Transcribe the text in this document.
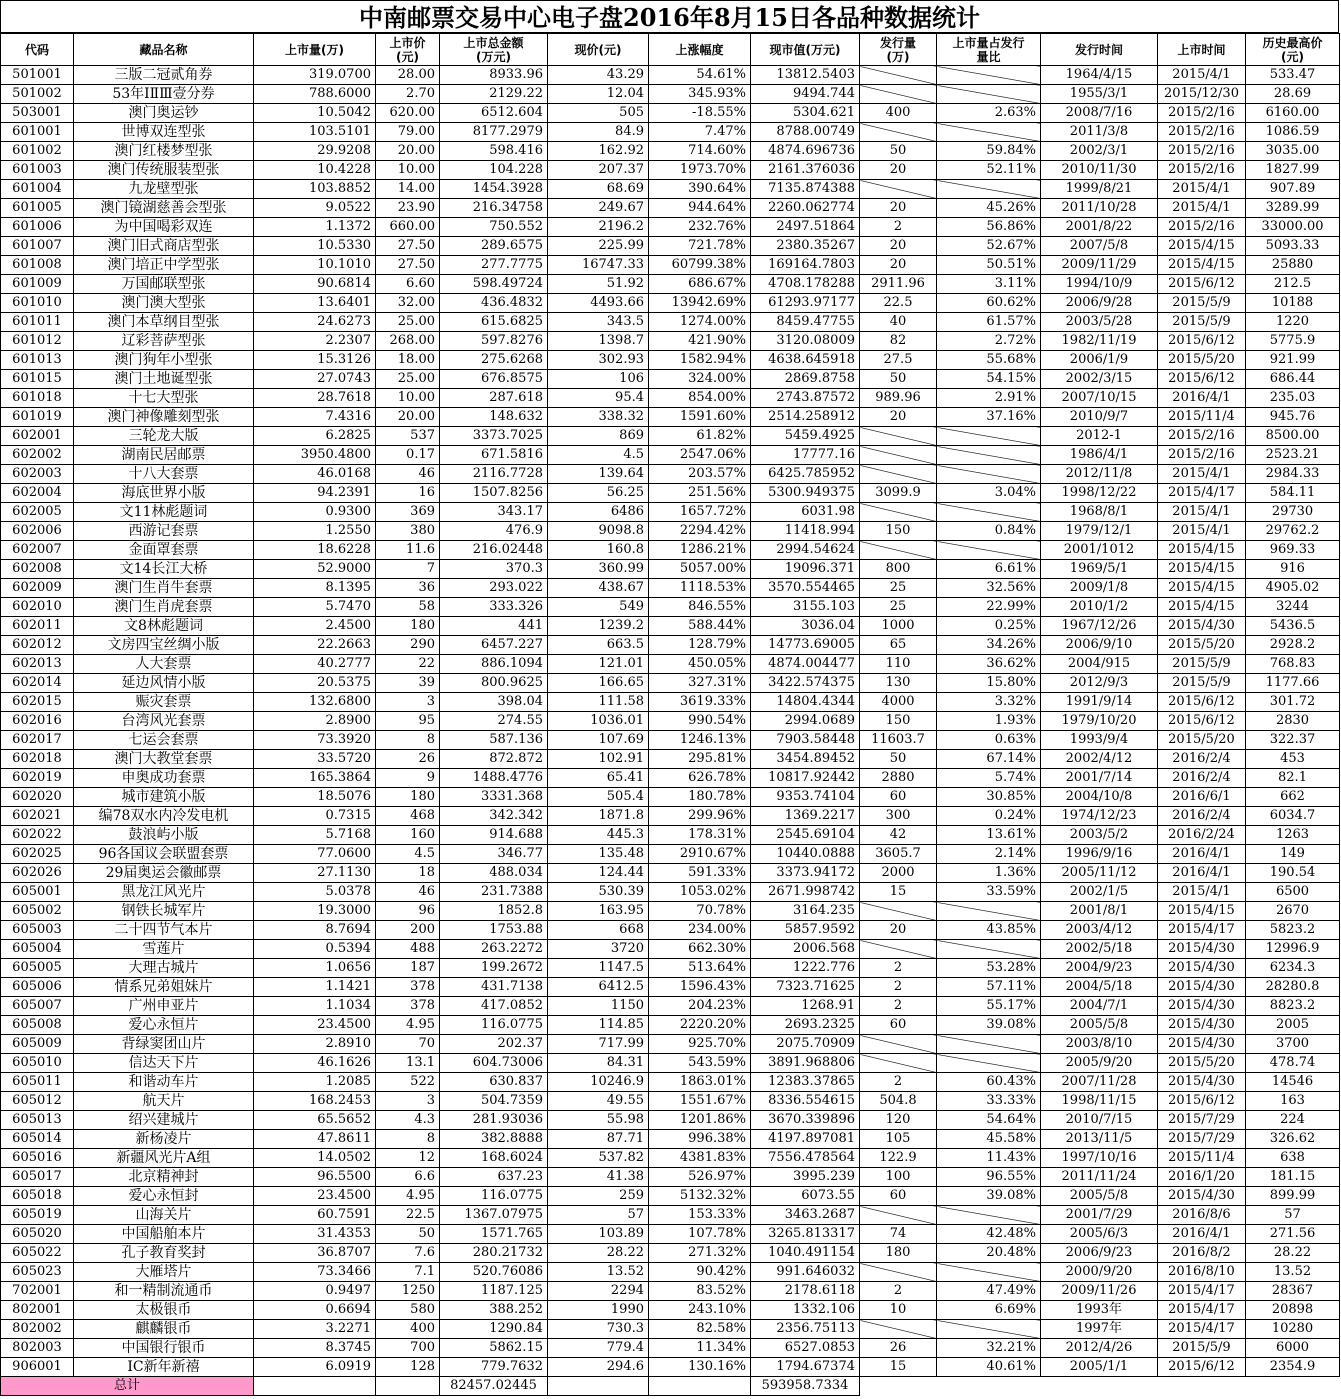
中南邮票交易中心电子盘2016年8月15日各品种数据统计
代码	藏品名称	上市量(万)	上市价
(元)	上市总金额
(万元)	现价(元)	上涨幅度	现市值(万元)	发行量
(万)	上市量占发行
量比	发行时间	上市时间	历史最高价
(元)
501001	三版二冠贰角券	319.0700	28.00	8933.96	43.29	54.61%	13812.5403			1964/4/15	2015/4/1	533.47
501002	53年ⅠⅡⅢ壹分券	788.6000	2.70	2129.22	12.04	345.93%	9494.744			1955/3/1	2015/12/30	28.69
503001	澳门奥运钞	10.5042	620.00	6512.604	505	-18.55%	5304.621	400	2.63%	2008/7/16	2015/2/16	6160.00
601001	世博双连型张	103.5101	79.00	8177.2979	84.9	7.47%	8788.00749			2011/3/8	2015/2/16	1086.59
601002	澳门红楼梦型张	29.9208	20.00	598.416	162.92	714.60%	4874.696736	50	59.84%	2002/3/1	2015/2/16	3035.00
601003	澳门传统服装型张	10.4228	10.00	104.228	207.37	1973.70%	2161.376036	20	52.11%	2010/11/30	2015/2/16	1827.99
601004	九龙壁型张	103.8852	14.00	1454.3928	68.69	390.64%	7135.874388			1999/8/21	2015/4/1	907.89
601005	澳门镜湖慈善会型张	9.0522	23.90	216.34758	249.67	944.64%	2260.062774	20	45.26%	2011/10/28	2015/4/1	3289.99
601006	为中国喝彩双连	1.1372	660.00	750.552	2196.2	232.76%	2497.51864	2	56.86%	2001/8/22	2015/2/16	33000.00
601007	澳门旧式商店型张	10.5330	27.50	289.6575	225.99	721.78%	2380.35267	20	52.67%	2007/5/8	2015/4/15	5093.33
601008	澳门培正中学型张	10.1010	27.50	277.7775	16747.33	60799.38%	169164.7803	20	50.51%	2009/11/29	2015/4/15	25880
601009	万国邮联型张	90.6814	6.60	598.49724	51.92	686.67%	4708.178288	2911.96	3.11%	1994/10/9	2015/6/12	212.5
601010	澳门澳大型张	13.6401	32.00	436.4832	4493.66	13942.69%	61293.97177	22.5	60.62%	2006/9/28	2015/5/9	10188
601011	澳门本草纲目型张	24.6273	25.00	615.6825	343.5	1274.00%	8459.47755	40	61.57%	2003/5/28	2015/5/9	1220
601012	辽彩菩萨型张	2.2307	268.00	597.8276	1398.7	421.90%	3120.08009	82	2.72%	1982/11/19	2015/6/12	5775.9
601013	澳门狗年小型张	15.3126	18.00	275.6268	302.93	1582.94%	4638.645918	27.5	55.68%	2006/1/9	2015/5/20	921.99
601015	澳门土地诞型张	27.0743	25.00	676.8575	106	324.00%	2869.8758	50	54.15%	2002/3/15	2015/6/12	686.44
601018	十七大型张	28.7618	10.00	287.618	95.4	854.00%	2743.87572	989.96	2.91%	2007/10/15	2016/4/1	235.03
601019	澳门神像雕刻型张	7.4316	20.00	148.632	338.32	1591.60%	2514.258912	20	37.16%	2010/9/7	2015/11/4	945.76
602001	三轮龙大版	6.2825	537	3373.7025	869	61.82%	5459.4925			2012-1	2015/2/16	8500.00
602002	湖南民居邮票	3950.4800	0.17	671.5816	4.5	2547.06%	17777.16			1986/4/1	2015/2/16	2523.21
602003	十八大套票	46.0168	46	2116.7728	139.64	203.57%	6425.785952			2012/11/8	2015/4/1	2984.33
602004	海底世界小版	94.2391	16	1507.8256	56.25	251.56%	5300.949375	3099.9	3.04%	1998/12/22	2015/4/17	584.11
602005	文11林彪题词	0.9300	369	343.17	6486	1657.72%	6031.98			1968/8/1	2015/4/1	29730
602006	西游记套票	1.2550	380	476.9	9098.8	2294.42%	11418.994	150	0.84%	1979/12/1	2015/4/1	29762.2
602007	金面罩套票	18.6228	11.6	216.02448	160.8	1286.21%	2994.54624			2001/1012	2015/4/15	969.33
602008	文14长江大桥	52.9000	7	370.3	360.99	5057.00%	19096.371	800	6.61%	1969/5/1	2015/4/15	916
602009	澳门生肖牛套票	8.1395	36	293.022	438.67	1118.53%	3570.554465	25	32.56%	2009/1/8	2015/4/15	4905.02
602010	澳门生肖虎套票	5.7470	58	333.326	549	846.55%	3155.103	25	22.99%	2010/1/2	2015/4/15	3244
602011	文8林彪题词	2.4500	180	441	1239.2	588.44%	3036.04	1000	0.25%	1967/12/26	2015/4/30	5436.5
602012	文房四宝丝绸小版	22.2663	290	6457.227	663.5	128.79%	14773.69005	65	34.26%	2006/9/10	2015/5/20	2928.2
602013	人大套票	40.2777	22	886.1094	121.01	450.05%	4874.004477	110	36.62%	2004/915	2015/5/9	768.83
602014	延边风情小版	20.5375	39	800.9625	166.65	327.31%	3422.574375	130	15.80%	2012/9/3	2015/5/9	1177.66
602015	赈灾套票	132.6800	3	398.04	111.58	3619.33%	14804.4344	4000	3.32%	1991/9/14	2015/6/12	301.72
602016	台湾风光套票	2.8900	95	274.55	1036.01	990.54%	2994.0689	150	1.93%	1979/10/20	2015/6/12	2830
602017	七运会套票	73.3920	8	587.136	107.69	1246.13%	7903.58448	11603.7	0.63%	1993/9/4	2015/5/20	322.37
602018	澳门大教堂套票	33.5720	26	872.872	102.91	295.81%	3454.89452	50	67.14%	2002/4/12	2016/2/4	453
602019	申奥成功套票	165.3864	9	1488.4776	65.41	626.78%	10817.92442	2880	5.74%	2001/7/14	2016/2/4	82.1
602020	城市建筑小版	18.5076	180	3331.368	505.4	180.78%	9353.74104	60	30.85%	2004/10/8	2016/6/1	662
602021	编78双水内冷发电机	0.7315	468	342.342	1871.8	299.96%	1369.2217	300	0.24%	1974/12/23	2016/2/4	6034.7
602022	鼓浪屿小版	5.7168	160	914.688	445.3	178.31%	2545.69104	42	13.61%	2003/5/2	2016/2/24	1263
602025	96各国议会联盟套票	77.0600	4.5	346.77	135.48	2910.67%	10440.0888	3605.7	2.14%	1996/9/16	2016/4/1	149
602026	29届奥运会徽邮票	27.1130	18	488.034	124.44	591.33%	3373.94172	2000	1.36%	2005/11/12	2016/4/1	190.54
605001	黑龙江风光片	5.0378	46	231.7388	530.39	1053.02%	2671.998742	15	33.59%	2002/1/5	2015/4/1	6500
605002	钢铁长城军片	19.3000	96	1852.8	163.95	70.78%	3164.235			2001/8/1	2015/4/15	2670
605003	二十四节气本片	8.7694	200	1753.88	668	234.00%	5857.9592	20	43.85%	2003/4/12	2015/4/17	5823.2
605004	雪莲片	0.5394	488	263.2272	3720	662.30%	2006.568			2002/5/18	2015/4/30	12996.9
605005	大理古城片	1.0656	187	199.2672	1147.5	513.64%	1222.776	2	53.28%	2004/9/23	2015/4/30	6234.3
605006	情系兄弟姐妹片	1.1421	378	431.7138	6412.5	1596.43%	7323.71625	2	57.11%	2004/5/18	2015/4/30	28280.8
605007	广州申亚片	1.1034	378	417.0852	1150	204.23%	1268.91	2	55.17%	2004/7/1	2015/4/30	8823.2
605008	爱心永恒片	23.4500	4.95	116.0775	114.85	2220.20%	2693.2325	60	39.08%	2005/5/8	2015/4/30	2005
605009	背绿窦团山片	2.8910	70	202.37	717.99	925.70%	2075.70909			2003/8/10	2015/4/30	3700
605010	信达天下片	46.1626	13.1	604.73006	84.31	543.59%	3891.968806			2005/9/20	2015/5/20	478.74
605011	和谐动车片	1.2085	522	630.837	10246.9	1863.01%	12383.37865	2	60.43%	2007/11/28	2015/4/30	14546
605012	航天片	168.2453	3	504.7359	49.55	1551.67%	8336.554615	504.8	33.33%	1998/11/15	2015/6/12	163
605013	绍兴建城片	65.5652	4.3	281.93036	55.98	1201.86%	3670.339896	120	54.64%	2010/7/15	2015/7/29	224
605014	新杨凌片	47.8611	8	382.8888	87.71	996.38%	4197.897081	105	45.58%	2013/11/5	2015/7/29	326.62
605016	新疆风光片A组	14.0502	12	168.6024	537.82	4381.83%	7556.478564	122.9	11.43%	1997/10/16	2015/11/4	638
605017	北京精神封	96.5500	6.6	637.23	41.38	526.97%	3995.239	100	96.55%	2011/11/24	2016/1/20	181.15
605018	爱心永恒封	23.4500	4.95	116.0775	259	5132.32%	6073.55	60	39.08%	2005/5/8	2015/4/30	899.99
605019	山海关片	60.7591	22.5	1367.07975	57	153.33%	3463.2687			2001/7/29	2016/8/6	57
605020	中国船舶本片	31.4353	50	1571.765	103.89	107.78%	3265.813317	74	42.48%	2005/6/3	2016/4/1	271.56
605022	孔子教育奖封	36.8707	7.6	280.21732	28.22	271.32%	1040.491154	180	20.48%	2006/9/23	2016/8/2	28.22
605023	大雁塔片	73.3466	7.1	520.76086	13.52	90.42%	991.646032			2000/9/20	2016/8/10	13.52
702001	和一精制流通币	0.9497	1250	1187.125	2294	83.52%	2178.6118	2	47.49%	2009/11/26	2015/4/17	28367
802001	太极银币	0.6694	580	388.252	1990	243.10%	1332.106	10	6.69%	1993年	2015/4/17	20898
802002	麒麟银币	3.2271	400	1290.84	730.3	82.58%	2356.75113			1997年	2015/4/17	10280
802003	中国银行银币	8.3745	700	5862.15	779.4	11.34%	6527.0853	26	32.21%	2012/4/26	2015/5/9	6000
906001	IC新年新禧	6.0919	128	779.7632	294.6	130.16%	1794.67374	15	40.61%	2005/1/1	2015/6/12	2354.9
总计				82457.02445			593958.7334					
